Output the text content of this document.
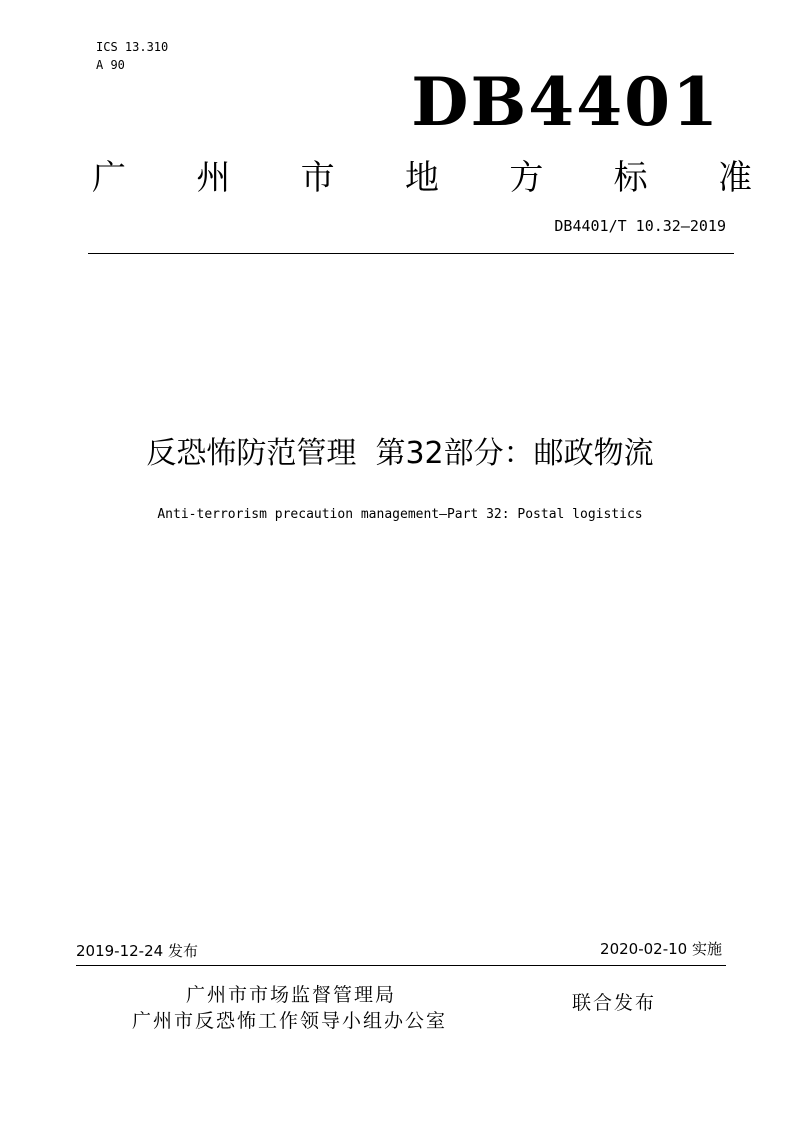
ICS 13.310
A 90	DB4401
广 州 市 地 方 标 准
DB4401/T 10.32—2019
反恐怖防范管理  第32部分：邮政物流
Anti-terrorism precaution management—Part 32: Postal logistics
2019-12-24 发布	2020-02-10 实施
广州市市场监督管理局
广州市反恐怖工作领导小组办公室
联合发布
